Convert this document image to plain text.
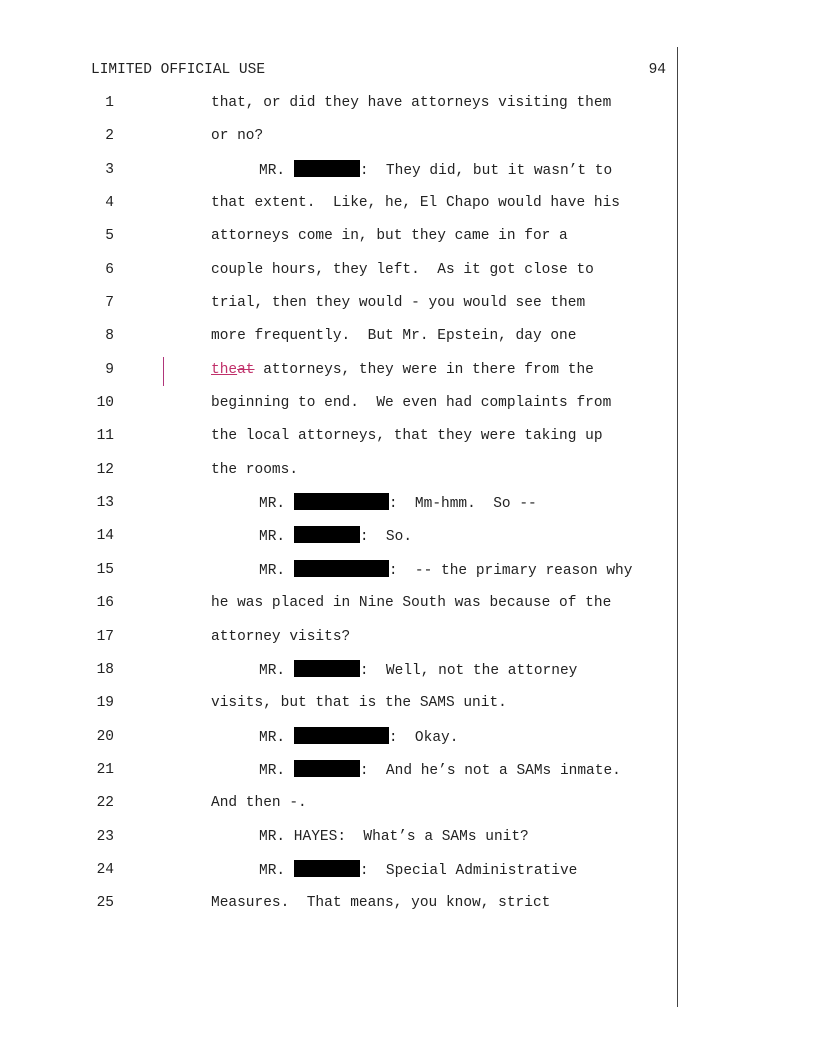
LIMITED OFFICIAL USE	94
1	that, or did they have attorneys visiting them
2	or no?
3	MR.	:  They did, but it wasn’t to
4	that extent.  Like, he, El Chapo would have his
5	attorneys come in, but they came in for a
6	couple hours, they left.  As it got close to
7	trial, then they would - you would see them
8	more frequently.  But Mr. Epstein, day one
9	theat attorneys, they were in there from the
10	beginning to end.  We even had complaints from
11	the local attorneys, that they were taking up
12	the rooms.
13	MR.	:  Mm-hmm.  So --
14	MR.	:  So.
15	MR.	:  -- the primary reason why
16	he was placed in Nine South was because of the
17	attorney visits?
18	MR.	:  Well, not the attorney
19	visits, but that is the SAMS unit.
20	MR.	:  Okay.
21	MR.	:  And he’s not a SAMs inmate.
22	And then -.
23	MR. HAYES:  What’s a SAMs unit?
24	MR.	:  Special Administrative
25	Measures.  That means, you know, strict
